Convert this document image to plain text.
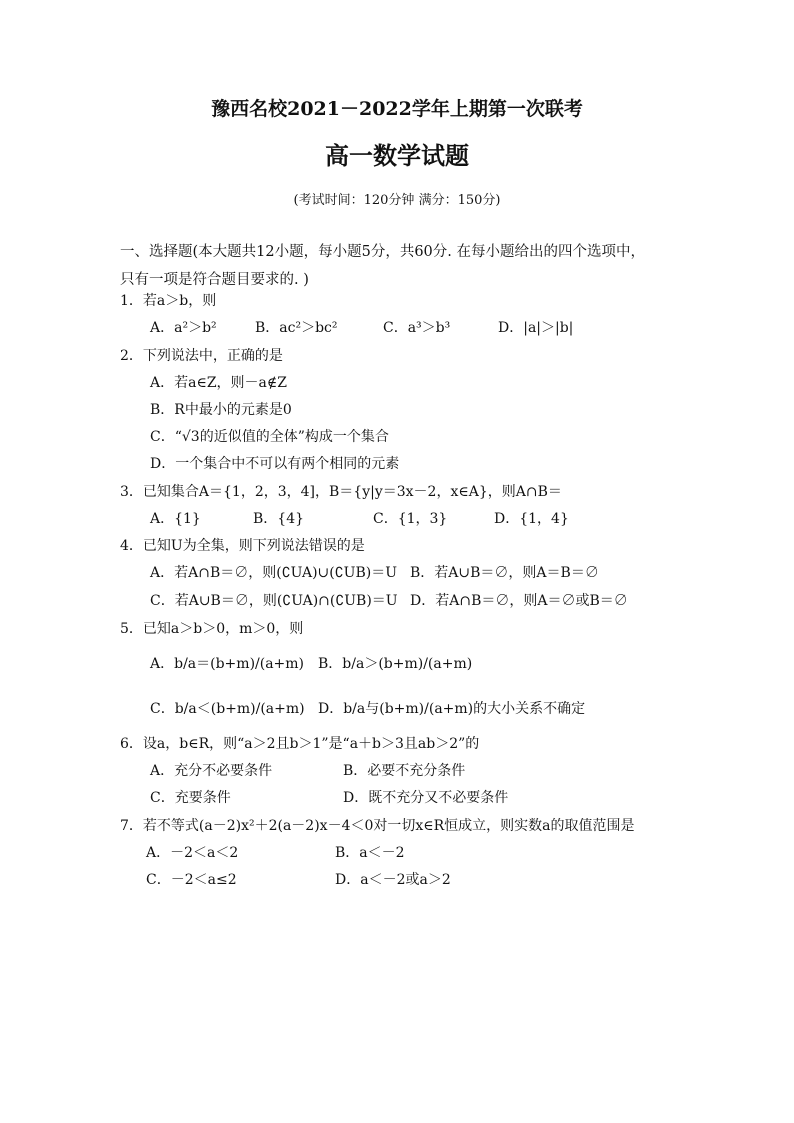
豫西名校2021－2022学年上期第一次联考
高一数学试题
(考试时间：120分钟 满分：150分)
一、选择题(本大题共12小题，每小题5分，共60分. 在每小题给出的四个选项中，
只有一项是符合题目要求的. )
1．若a＞b，则
A．a²＞b²	B．ac²＞bc²	C．a³＞b³	D．|a|＞|b|
2．下列说法中，正确的是
A．若a∈Z，则－a∉Z
B．R中最小的元素是0
C．“√3的近似值的全体”构成一个集合
D．一个集合中不可以有两个相同的元素
3．已知集合A＝{1，2，3，4]，B＝{y|y＝3x－2，x∈A}，则A∩B＝
A．{1}	B．{4}	C．{1，3}	D．{1，4}
4．已知U为全集，则下列说法错误的是
A．若A∩B＝∅，则(∁UA)∪(∁UB)＝U B．若A∪B＝∅，则A＝B＝∅
C．若A∪B＝∅，则(∁UA)∩(∁UB)＝U D．若A∩B＝∅，则A＝∅或B＝∅
5．已知a＞b＞0，m＞0，则
A．b/a＝(b+m)/(a+m) B．b/a＞(b+m)/(a+m)
C．b/a＜(b+m)/(a+m) D．b/a与(b+m)/(a+m)的大小关系不确定
6．设a，b∈R，则“a＞2且b＞1”是“a＋b＞3且ab＞2”的
A．充分不必要条件	B．必要不充分条件
C．充要条件	D．既不充分又不必要条件
7．若不等式(a－2)x²＋2(a－2)x－4＜0对一切x∈R恒成立，则实数a的取值范围是
A．－2＜a＜2	B．a＜－2
C．－2＜a≤2	D．a＜－2或a＞2
